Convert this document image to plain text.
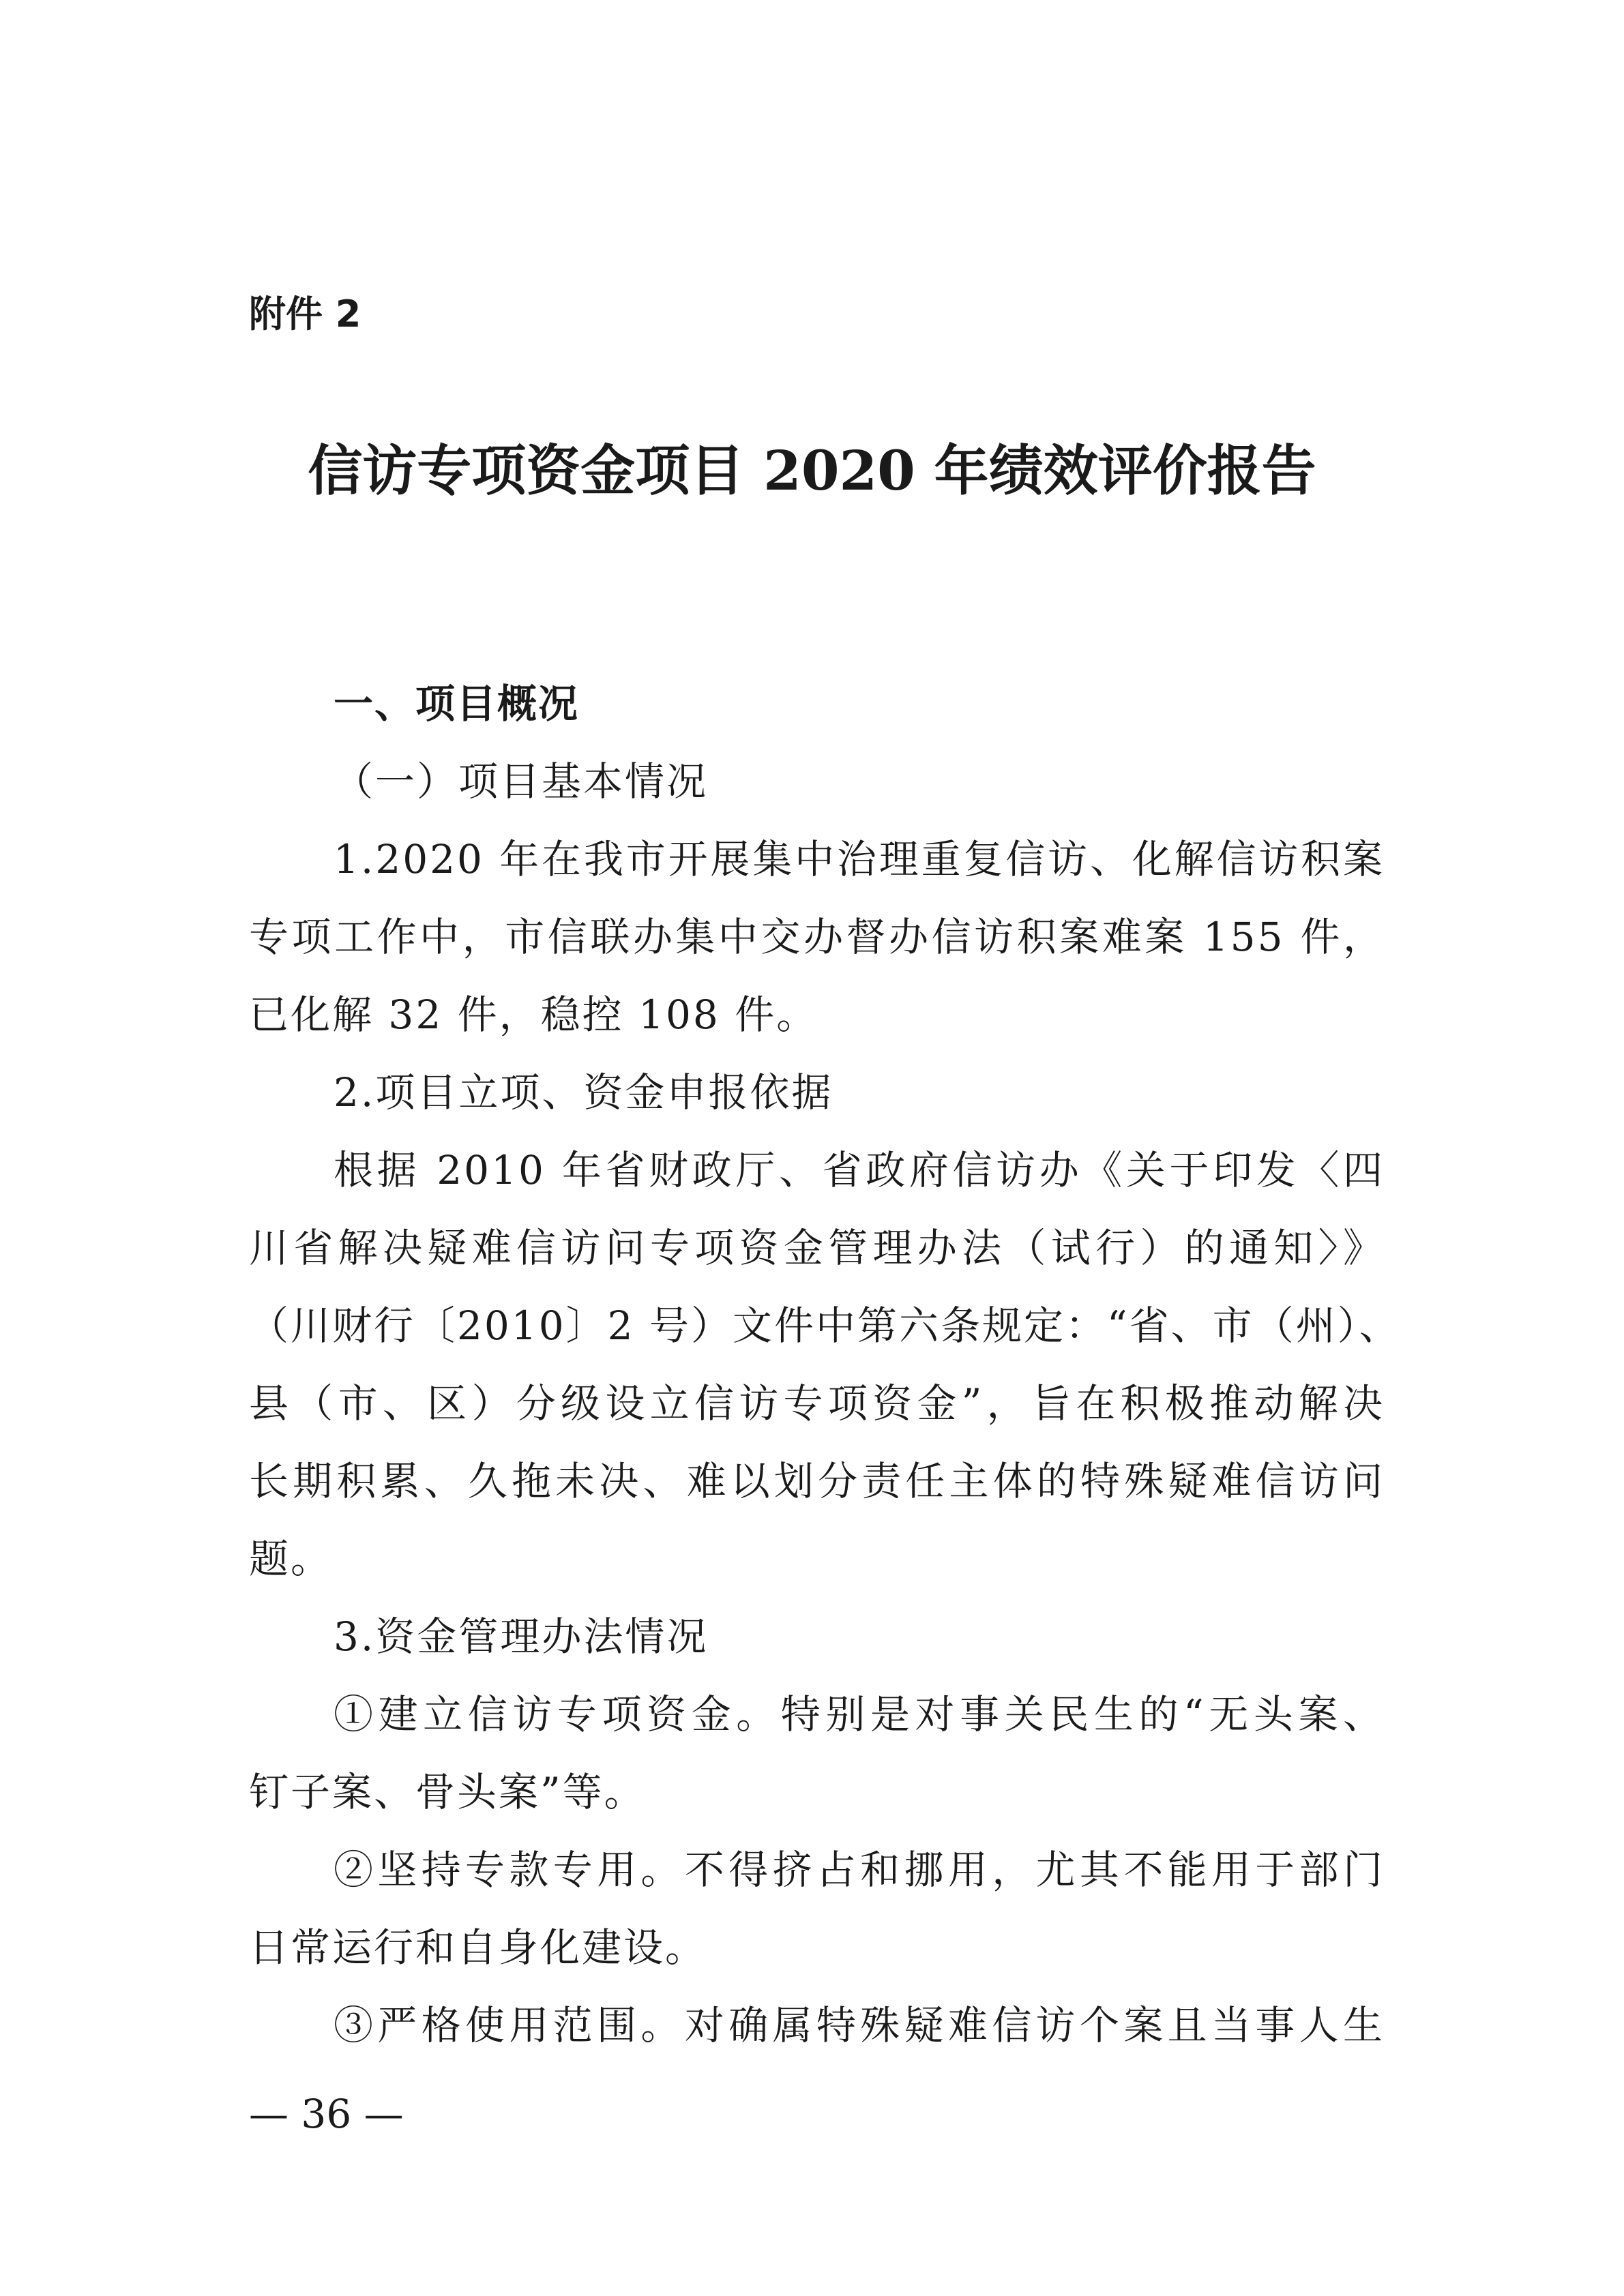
附件 2
信访专项资金项目 2020 年绩效评价报告
一、项目概况
（一）项目基本情况
1.2020 年在我市开展集中治理重复信访、化解信访积案
专项工作中，市信联办集中交办督办信访积案难案 155 件，
已化解 32 件，稳控 108 件。
2.项目立项、资金申报依据
根据 2010 年省财政厅、省政府信访办《关于印发〈四
川省解决疑难信访问专项资金管理办法（试行）的通知〉》
（川财行〔2010〕2 号）文件中第六条规定：“省、市（州）、
县（市、区）分级设立信访专项资金”，旨在积极推动解决
长期积累、久拖未决、难以划分责任主体的特殊疑难信访问
题。
3.资金管理办法情况
①建立信访专项资金。特别是对事关民生的“无头案、
钉子案、骨头案”等。
②坚持专款专用。不得挤占和挪用，尤其不能用于部门
日常运行和自身化建设。
③严格使用范围。对确属特殊疑难信访个案且当事人生
— 36 —
